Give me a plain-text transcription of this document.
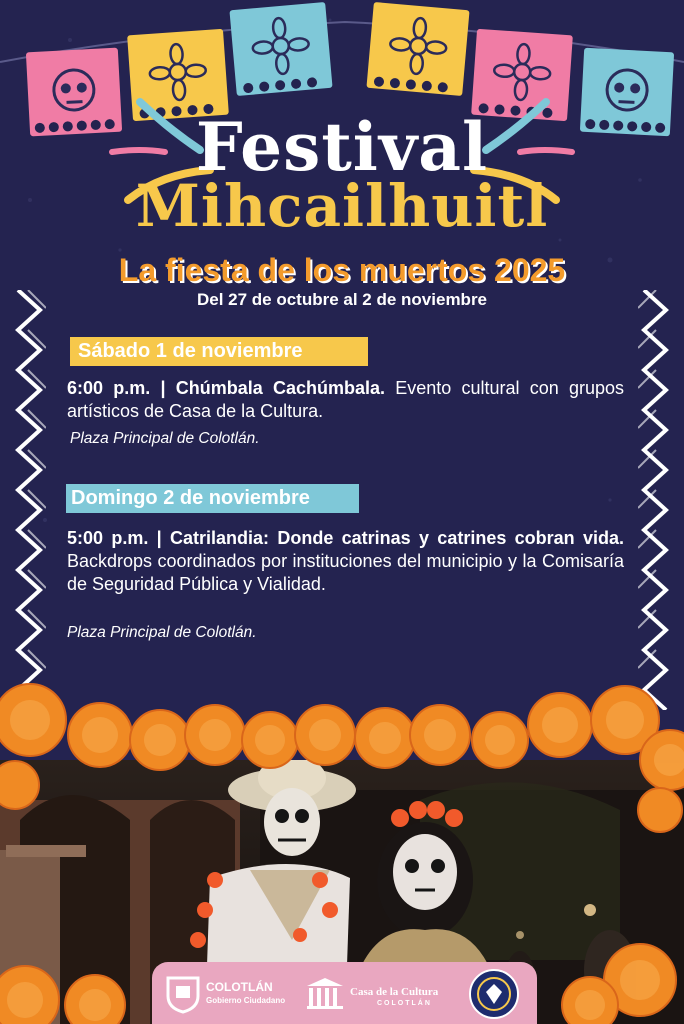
Festival
Mihcailhuitl
La fiesta de los muertos 2025
Del 27 de octubre al 2 de noviembre
Sábado 1 de noviembre
6:00 p.m. | Chúmbala Cachúmbala. Evento cultural con grupos artísticos de Casa de la Cultura.
Plaza Principal de Colotlán.
Domingo 2 de noviembre
5:00 p.m. | Catrilandia: Donde catrinas y catrines cobran vida. Backdrops coordinados por instituciones del municipio y la Comisaría de Seguridad Pública y Vialidad.
Plaza Principal de Colotlán.
COLOTLÁN
Gobierno Ciudadano
Casa de la Cultura
COLOTLÁN
